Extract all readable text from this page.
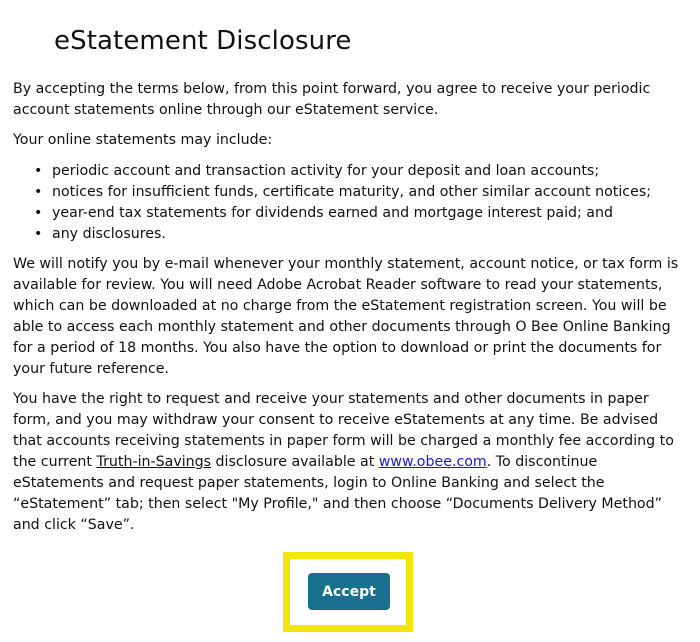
eStatement Disclosure

By accepting the terms below, from this point forward, you agree to receive your periodic account statements online through our eStatement service.

Your online statements may include:

• periodic account and transaction activity for your deposit and loan accounts;
• notices for insufficient funds, certificate maturity, and other similar account notices;
• year-end tax statements for dividends earned and mortgage interest paid; and
• any disclosures.

We will notify you by e-mail whenever your monthly statement, account notice, or tax form is available for review. You will need Adobe Acrobat Reader software to read your statements, which can be downloaded at no charge from the eStatement registration screen. You will be able to access each monthly statement and other documents through O Bee Online Banking for a period of 18 months. You also have the option to download or print the documents for your future reference.

You have the right to request and receive your statements and other documents in paper form, and you may withdraw your consent to receive eStatements at any time. Be advised that accounts receiving statements in paper form will be charged a monthly fee according to the current Truth-in-Savings disclosure available at www.obee.com. To discontinue eStatements and request paper statements, login to Online Banking and select the “eStatement” tab; then select "My Profile," and then choose “Documents Delivery Method” and click “Save”.

Accept
